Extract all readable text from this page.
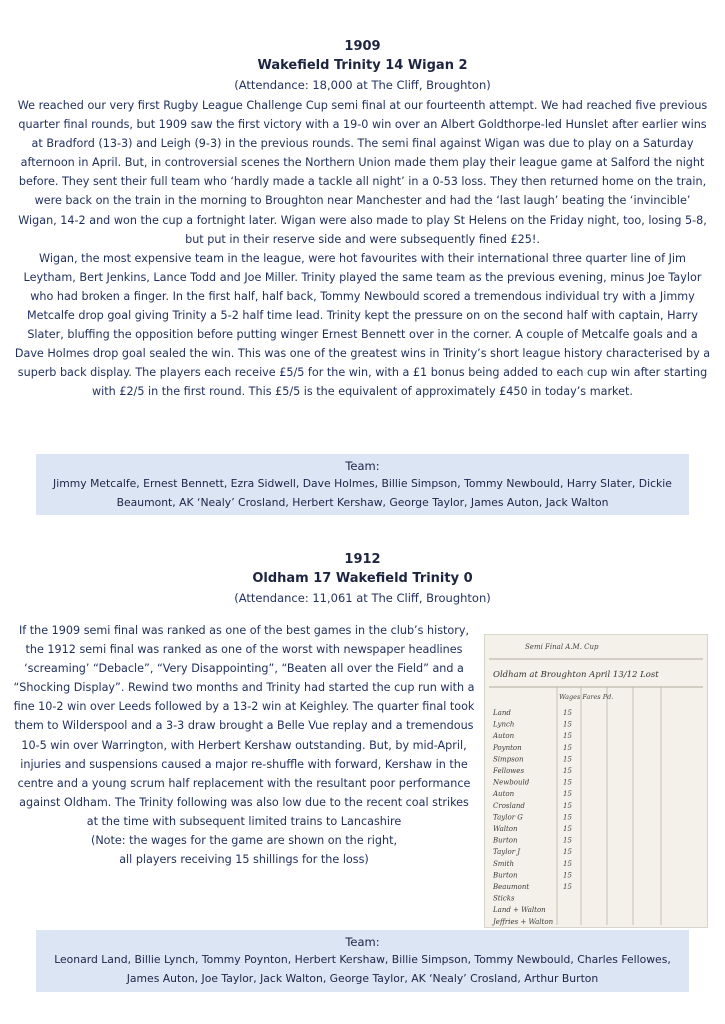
1909
Wakefield Trinity 14 Wigan 2
(Attendance: 18,000 at The Cliff, Broughton)

We reached our very first Rugby League Challenge Cup semi final at our fourteenth attempt. We had reached five previous quarter final rounds, but 1909 saw the first victory with a 19-0 win over an Albert Goldthorpe-led Hunslet after earlier wins at Bradford (13-3) and Leigh (9-3) in the previous rounds. The semi final against Wigan was due to play on a Saturday afternoon in April. But, in controversial scenes the Northern Union made them play their league game at Salford the night before. They sent their full team who ‘hardly made a tackle all night’ in a 0-53 loss. They then returned home on the train, were back on the train in the morning to Broughton near Manchester and had the ‘last laugh’ beating the ‘invincible’ Wigan, 14-2 and won the cup a fortnight later. Wigan were also made to play St Helens on the Friday night, too, losing 5-8, but put in their reserve side and were subsequently fined £25!.

Wigan, the most expensive team in the league, were hot favourites with their international three quarter line of Jim Leytham, Bert Jenkins, Lance Todd and Joe Miller. Trinity played the same team as the previous evening, minus Joe Taylor who had broken a finger. In the first half, half back, Tommy Newbould scored a tremendous individual try with a Jimmy Metcalfe drop goal giving Trinity a 5-2 half time lead. Trinity kept the pressure on on the second half with captain, Harry Slater, bluffing the opposition before putting winger Ernest Bennett over in the corner. A couple of Metcalfe goals and a Dave Holmes drop goal sealed the win. This was one of the greatest wins in Trinity’s short league history characterised by a superb back display. The players each receive £5/5 for the win, with a £1 bonus being added to each cup win after starting with £2/5 in the first round. This £5/5 is the equivalent of approximately £450 in today’s market.

Team:
Jimmy Metcalfe, Ernest Bennett, Ezra Sidwell, Dave Holmes, Billie Simpson, Tommy Newbould, Harry Slater, Dickie Beaumont, AK ‘Nealy’ Crosland, Herbert Kershaw, George Taylor, James Auton, Jack Walton
1912
Oldham 17 Wakefield Trinity 0
(Attendance: 11,061 at The Cliff, Broughton)

If the 1909 semi final was ranked as one of the best games in the club’s history, the 1912 semi final was ranked as one of the worst with newspaper headlines ‘screaming’ “Debacle”, “Very Disappointing”, “Beaten all over the Field” and a “Shocking Display”. Rewind two months and Trinity had started the cup run with a fine 10-2 win over Leeds followed by a 13-2 win at Keighley. The quarter final took them to Wilderspool and a 3-3 draw brought a Belle Vue replay and a tremendous 10-5 win over Warrington, with Herbert Kershaw outstanding. But, by mid-April, injuries and suspensions caused a major re-shuffle with forward, Kershaw in the centre and a young scrum half replacement with the resultant poor performance against Oldham. The Trinity following was also low due to the recent coal strikes at the time with subsequent limited trains to Lancashire

(Note: the wages for the game are shown on the right,

all players receiving 15 shillings for the loss)

Semi Final A.M. Cup
Oldham at Broughton April 13/12 Lost
Wages Fares Pd.
Land	15
Lynch	15
Auton	15
Poynton	15
Simpson	15
Fellowes	15
Newbould	15
Auton	15
Crosland	15
Taylor G	15
Walton	15
Burton	15
Taylor J	15
Smith	15
Burton	15
Beaumont	15
Sticks
Land + Walton
Jeffries + Walton
Team:
Leonard Land, Billie Lynch, Tommy Poynton, Herbert Kershaw, Billie Simpson, Tommy Newbould, Charles Fellowes, James Auton, Joe Taylor, Jack Walton, George Taylor, AK ‘Nealy’ Crosland, Arthur Burton
